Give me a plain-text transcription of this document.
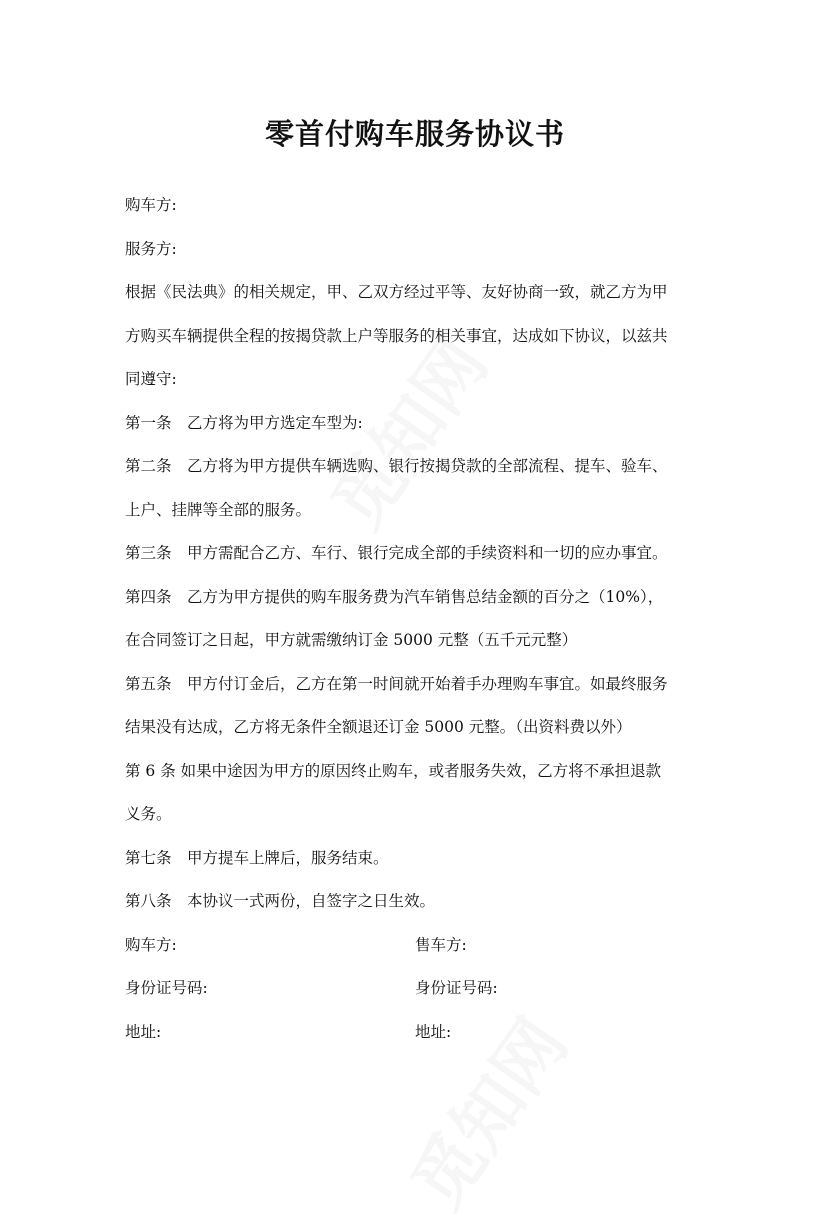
零首付购车服务协议书
购车方:
服务方:
根据《民法典》的相关规定，甲、乙双方经过平等、友好协商一致，就乙方为甲
方购买车辆提供全程的按揭贷款上户等服务的相关事宜，达成如下协议，以兹共
同遵守:
第一条　乙方将为甲方选定车型为:
第二条　乙方将为甲方提供车辆选购、银行按揭贷款的全部流程、提车、验车、
上户、挂牌等全部的服务。
第三条　甲方需配合乙方、车行、银行完成全部的手续资料和一切的应办事宜。
第四条　乙方为甲方提供的购车服务费为汽车销售总结金额的百分之（10%），
在合同签订之日起，甲方就需缴纳订金 5000 元整（五千元元整）
第五条　甲方付订金后，乙方在第一时间就开始着手办理购车事宜。如最终服务
结果没有达成，乙方将无条件全额退还订金 5000 元整。（出资料费以外）
第 6 条 如果中途因为甲方的原因终止购车，或者服务失效，乙方将不承担退款
义务。
第七条　甲方提车上牌后，服务结束。
第八条　本协议一式两份，自签字之日生效。
购车方:	售车方:
身份证号码:	身份证号码:
地址:	地址:
